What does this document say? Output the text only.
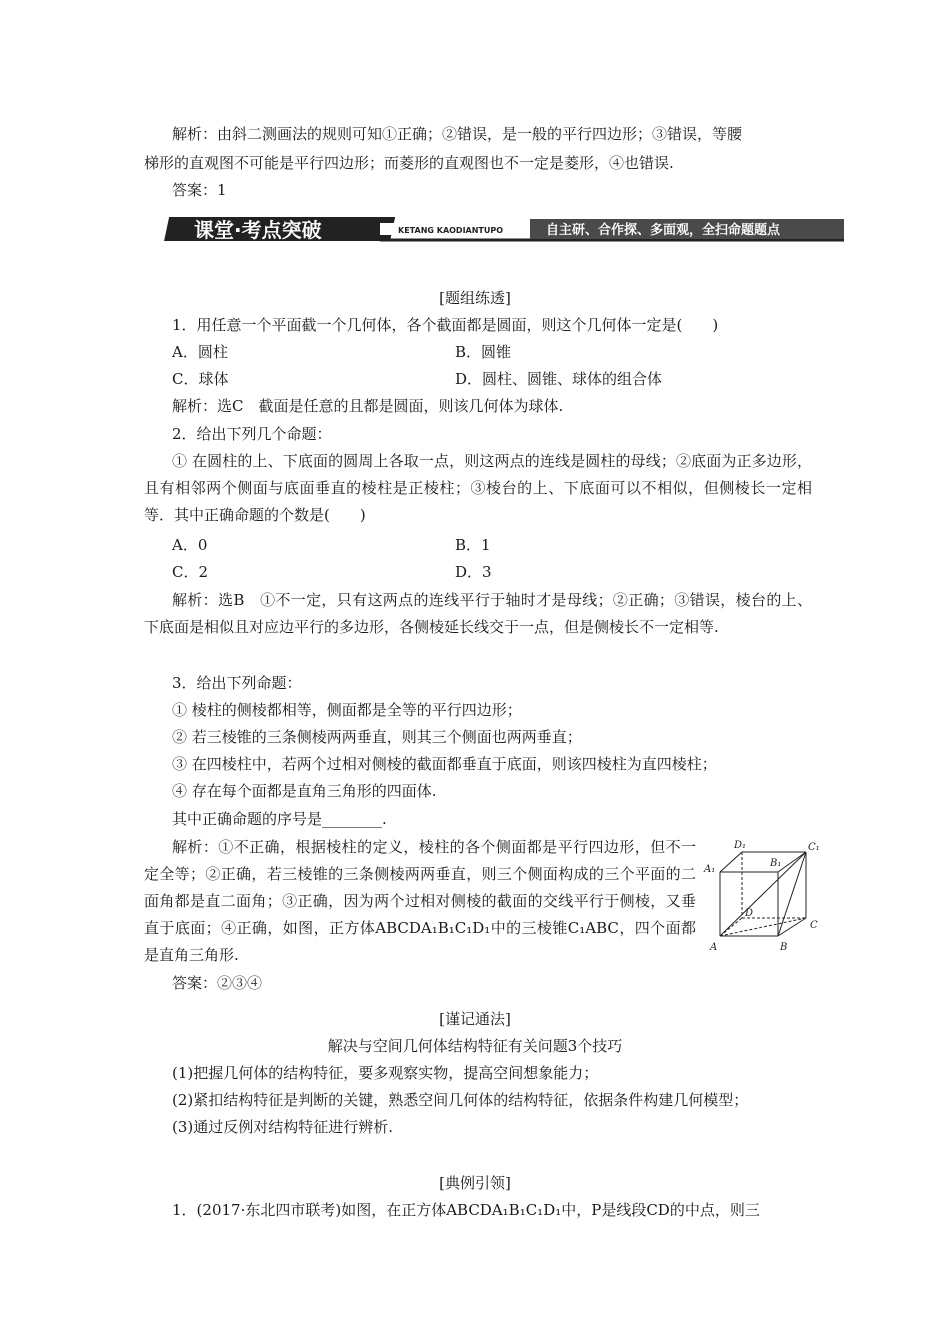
解析：由斜二测画法的规则可知①正确；②错误，是一般的平行四边形；③错误，等腰
梯形的直观图不可能是平行四边形；而菱形的直观图也不一定是菱形，④也错误.
答案：1
课堂·考点突破	KETANG KAODIANTUPO	自主研、合作探、多面观，全扫命题题点
[题组练透]
1．用任意一个平面截一个几何体，各个截面都是圆面，则这个几何体一定是(　　)
A．圆柱	B．圆锥
C．球体	D．圆柱、圆锥、球体的组合体
解析：选C　截面是任意的且都是圆面，则该几何体为球体.
2．给出下列几个命题：
① 在圆柱的上、下底面的圆周上各取一点，则这两点的连线是圆柱的母线；②底面为正多边形，且有相邻两个侧面与底面垂直的棱柱是正棱柱；③棱台的上、下底面可以不相似，但侧棱长一定相等．其中正确命题的个数是(　　)
A．0	B．1
C．2	D．3
解析：选B　①不一定，只有这两点的连线平行于轴时才是母线；②正确；③错误，棱台的上、下底面是相似且对应边平行的多边形，各侧棱延长线交于一点，但是侧棱长不一定相等.
3．给出下列命题：
① 棱柱的侧棱都相等，侧面都是全等的平行四边形；
② 若三棱锥的三条侧棱两两垂直，则其三个侧面也两两垂直；
③ 在四棱柱中，若两个过相对侧棱的截面都垂直于底面，则该四棱柱为直四棱柱；
④ 存在每个面都是直角三角形的四面体.
其中正确命题的序号是________.
解析：①不正确，根据棱柱的定义，棱柱的各个侧面都是平行四边形，但不一定全等；②正确，若三棱锥的三条侧棱两两垂直，则三个侧面构成的三个平面的二面角都是直二面角；③正确，因为两个过相对侧棱的截面的交线平行于侧棱，又垂直于底面；④正确，如图，正方体ABCDA₁B₁C₁D₁中的三棱锥C₁ABC，四个面都是直角三角形.
答案：②③④
A	B
C
D
A₁
B₁
C₁
D₁
[谨记通法]
解决与空间几何体结构特征有关问题3个技巧
(1)把握几何体的结构特征，要多观察实物，提高空间想象能力；
(2)紧扣结构特征是判断的关键，熟悉空间几何体的结构特征，依据条件构建几何模型；
(3)通过反例对结构特征进行辨析.
[典例引领]
1．(2017·东北四市联考)如图，在正方体ABCDA₁B₁C₁D₁中，P是线段CD的中点，则三
